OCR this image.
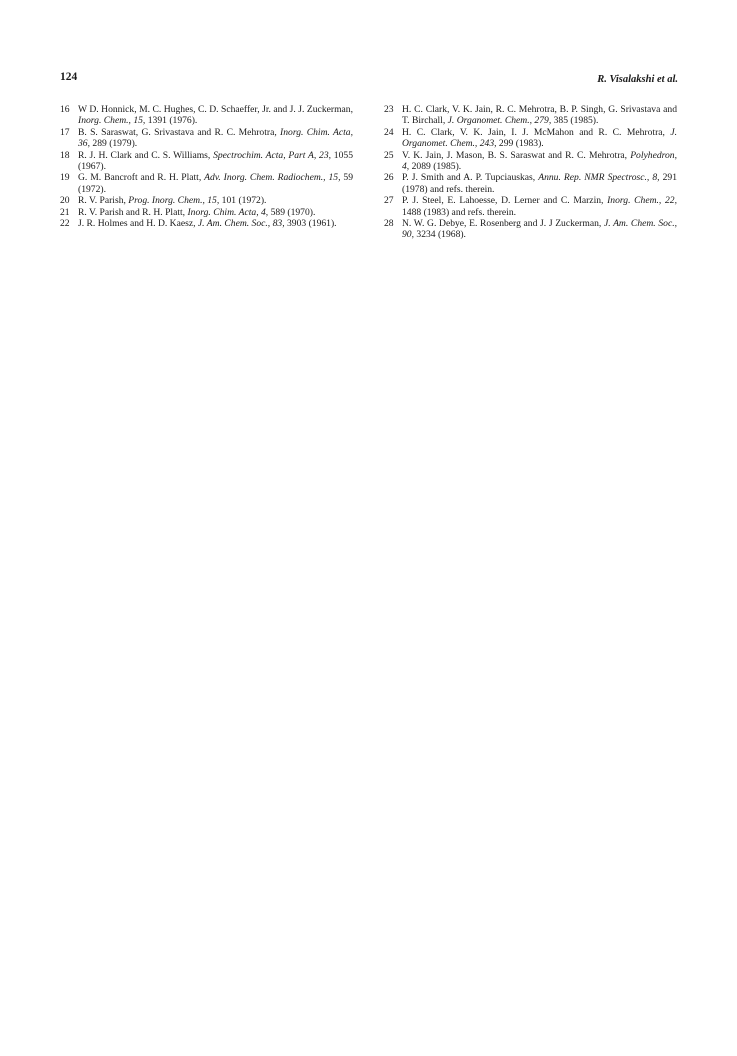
124	R. Visalakshi et al.

16 W D. Honnick, M. C. Hughes, C. D. Schaeffer, Jr. and J. J. Zuckerman, Inorg. Chem., 15, 1391 (1976).

17 B. S. Saraswat, G. Srivastava and R. C. Mehrotra, Inorg. Chim. Acta, 36, 289 (1979).

18 R. J. H. Clark and C. S. Williams, Spectrochim. Acta, Part A, 23, 1055 (1967).

19 G. M. Bancroft and R. H. Platt, Adv. Inorg. Chem. Radiochem., 15, 59 (1972).

20 R. V. Parish, Prog. Inorg. Chem., 15, 101 (1972).

21 R. V. Parish and R. H. Platt, Inorg. Chim. Acta, 4, 589 (1970).

22 J. R. Holmes and H. D. Kaesz, J. Am. Chem. Soc., 83, 3903 (1961).

23 H. C. Clark, V. K. Jain, R. C. Mehrotra, B. P. Singh, G. Srivastava and T. Birchall, J. Organomet. Chem., 279, 385 (1985).

24 H. C. Clark, V. K. Jain, I. J. McMahon and R. C. Mehrotra, J. Organomet. Chem., 243, 299 (1983).

25 V. K. Jain, J. Mason, B. S. Saraswat and R. C. Mehrotra, Polyhedron, 4, 2089 (1985).

26 P. J. Smith and A. P. Tupciauskas, Annu. Rep. NMR Spectrosc., 8, 291 (1978) and refs. therein.

27 P. J. Steel, E. Lahoesse, D. Lerner and C. Marzin, Inorg. Chem., 22, 1488 (1983) and refs. therein.

28 N. W. G. Debye, E. Rosenberg and J. J Zuckerman, J. Am. Chem. Soc., 90, 3234 (1968).
